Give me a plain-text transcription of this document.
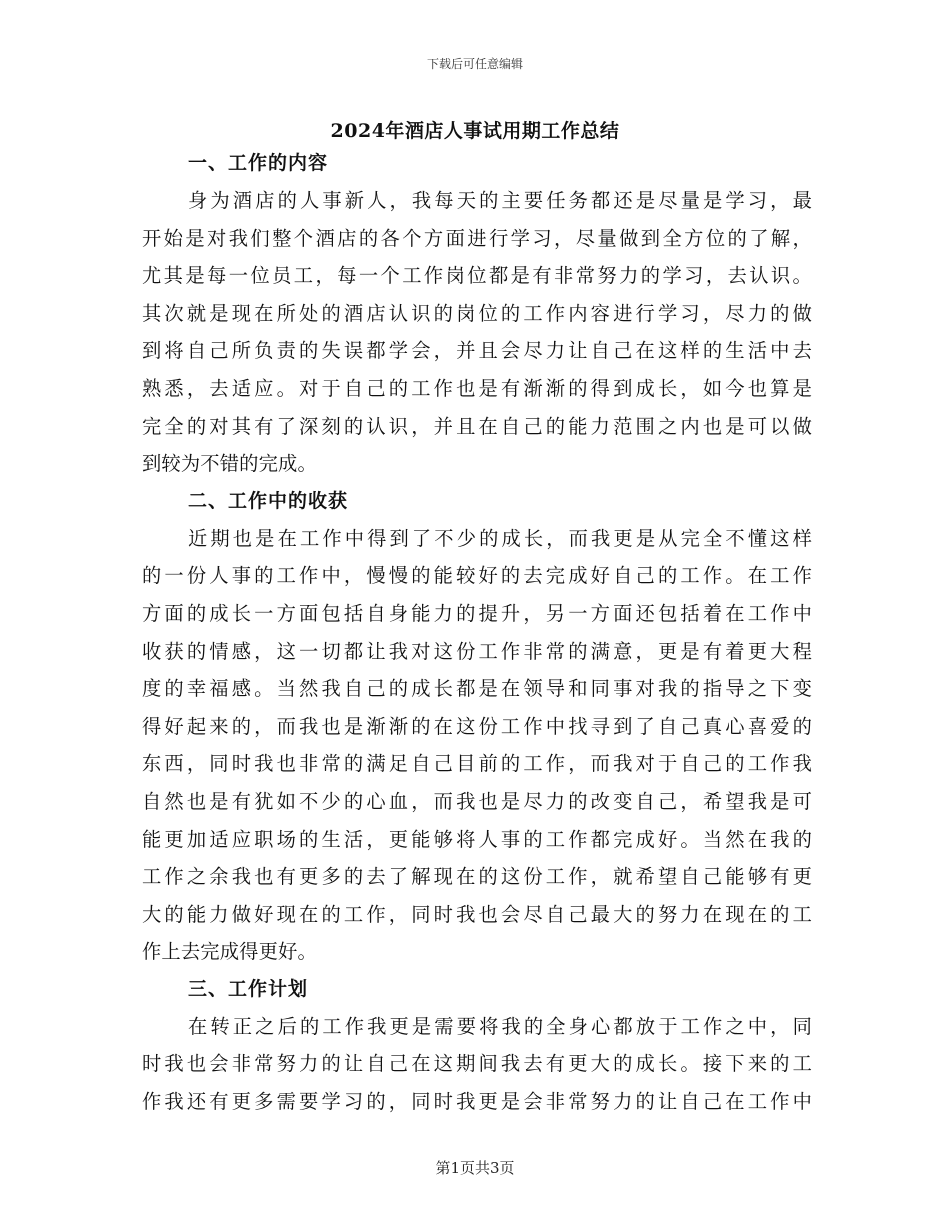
下载后可任意编辑
2024年酒店人事试用期工作总结
一、工作的内容
身为酒店的人事新人，我每天的主要任务都还是尽量是学习，最
开始是对我们整个酒店的各个方面进行学习，尽量做到全方位的了解，
尤其是每一位员工，每一个工作岗位都是有非常努力的学习，去认识。
其次就是现在所处的酒店认识的岗位的工作内容进行学习，尽力的做
到将自己所负责的失误都学会，并且会尽力让自己在这样的生活中去
熟悉，去适应。对于自己的工作也是有渐渐的得到成长，如今也算是
完全的对其有了深刻的认识，并且在自己的能力范围之内也是可以做
到较为不错的完成。
二、工作中的收获
近期也是在工作中得到了不少的成长，而我更是从完全不懂这样
的一份人事的工作中，慢慢的能较好的去完成好自己的工作。在工作
方面的成长一方面包括自身能力的提升，另一方面还包括着在工作中
收获的情感，这一切都让我对这份工作非常的满意，更是有着更大程
度的幸福感。当然我自己的成长都是在领导和同事对我的指导之下变
得好起来的，而我也是渐渐的在这份工作中找寻到了自己真心喜爱的
东西，同时我也非常的满足自己目前的工作，而我对于自己的工作我
自然也是有犹如不少的心血，而我也是尽力的改变自己，希望我是可
能更加适应职场的生活，更能够将人事的工作都完成好。当然在我的
工作之余我也有更多的去了解现在的这份工作，就希望自己能够有更
大的能力做好现在的工作，同时我也会尽自己最大的努力在现在的工
作上去完成得更好。
三、工作计划
在转正之后的工作我更是需要将我的全身心都放于工作之中，同
时我也会非常努力的让自己在这期间我去有更大的成长。接下来的工
作我还有更多需要学习的，同时我更是会非常努力的让自己在工作中
第1页共3页
